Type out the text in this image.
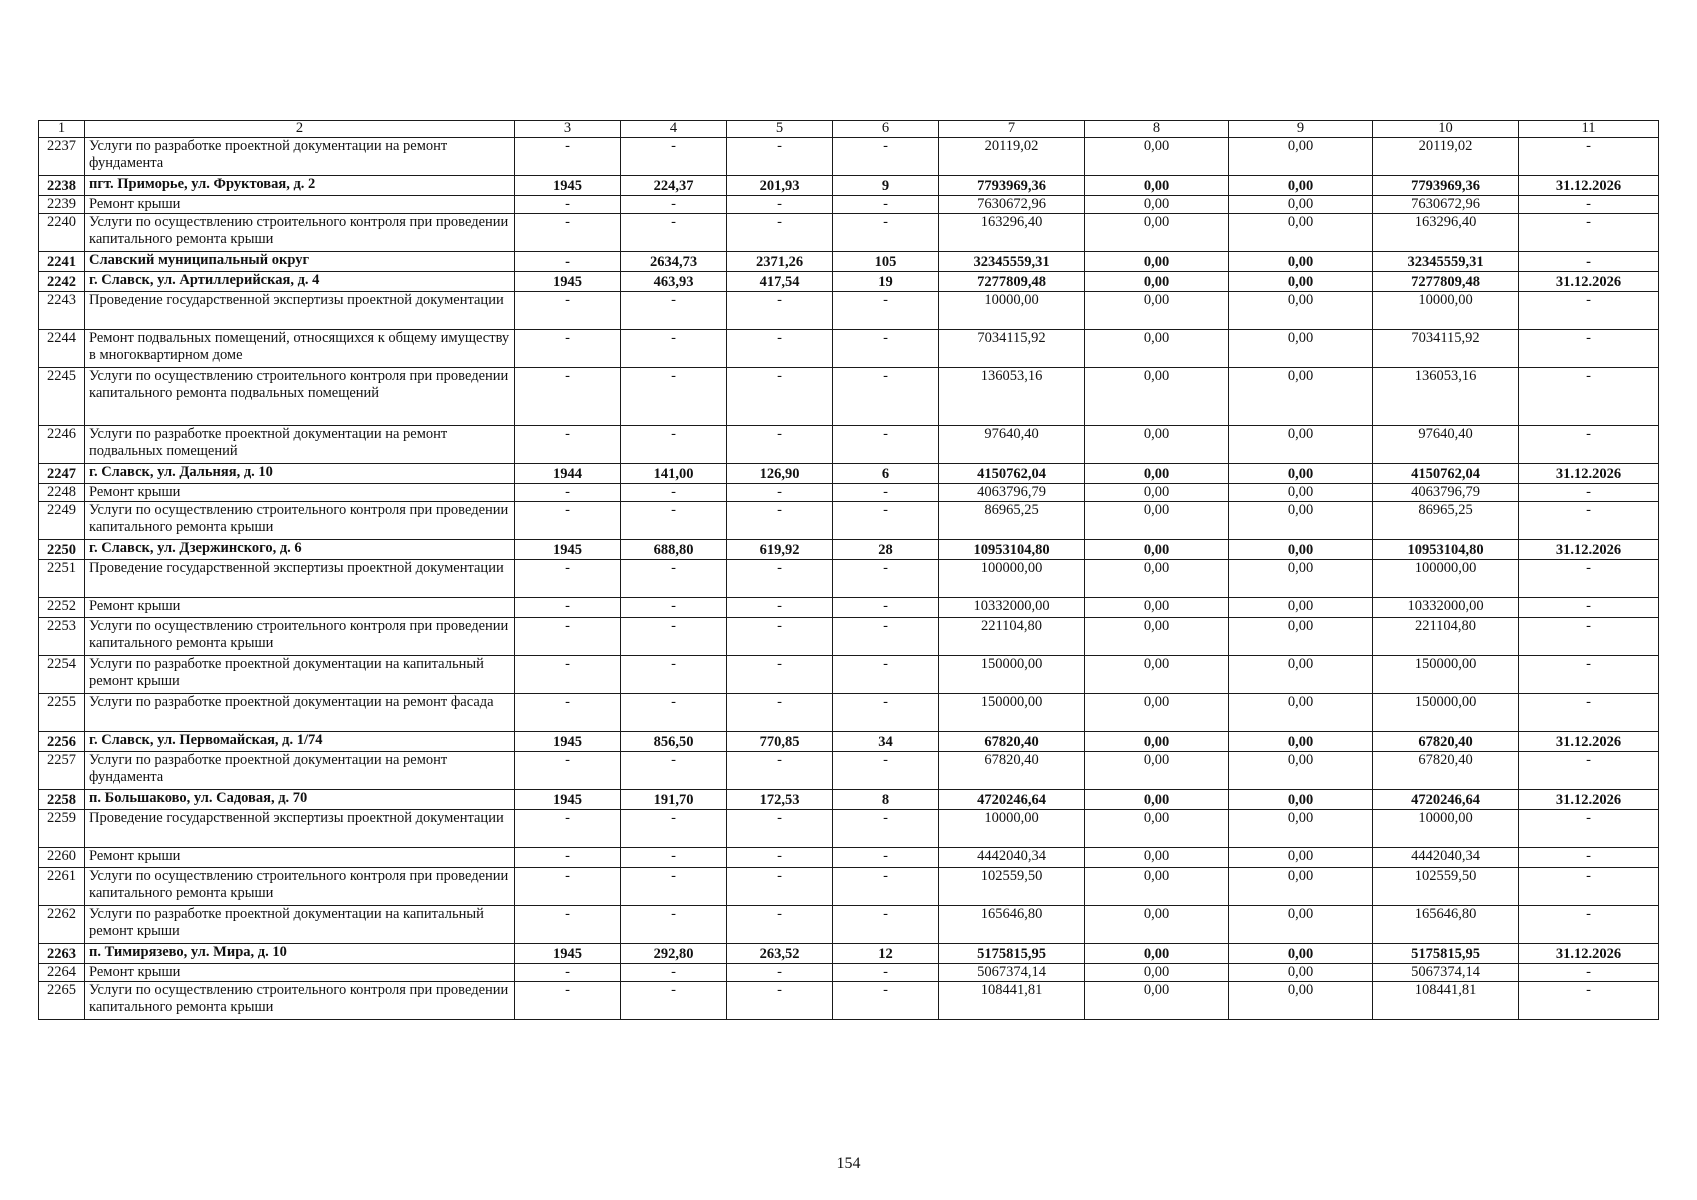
1	2	3	4	5	6	7	8	9	10	11
2237	Услуги по разработке проектной документации на ремонт фундамента	-	-	-	-	20119,02	0,00	0,00	20119,02	-
2238	пгт. Приморье, ул. Фруктовая, д. 2	1945	224,37	201,93	9	7793969,36	0,00	0,00	7793969,36	31.12.2026
2239	Ремонт крыши	-	-	-	-	7630672,96	0,00	0,00	7630672,96	-
2240	Услуги по осуществлению строительного контроля при проведении капитального ремонта крыши	-	-	-	-	163296,40	0,00	0,00	163296,40	-
2241	Славский муниципальный округ	-	2634,73	2371,26	105	32345559,31	0,00	0,00	32345559,31	-
2242	г. Славск, ул. Артиллерийская, д. 4	1945	463,93	417,54	19	7277809,48	0,00	0,00	7277809,48	31.12.2026
2243	Проведение государственной экспертизы проектной документации	-	-	-	-	10000,00	0,00	0,00	10000,00	-
2244	Ремонт подвальных помещений, относящихся к общему имуществу в многоквартирном доме	-	-	-	-	7034115,92	0,00	0,00	7034115,92	-
2245	Услуги по осуществлению строительного контроля при проведении капитального ремонта подвальных помещений	-	-	-	-	136053,16	0,00	0,00	136053,16	-
2246	Услуги по разработке проектной документации на ремонт подвальных помещений	-	-	-	-	97640,40	0,00	0,00	97640,40	-
2247	г. Славск, ул. Дальняя, д. 10	1944	141,00	126,90	6	4150762,04	0,00	0,00	4150762,04	31.12.2026
2248	Ремонт крыши	-	-	-	-	4063796,79	0,00	0,00	4063796,79	-
2249	Услуги по осуществлению строительного контроля при проведении капитального ремонта крыши	-	-	-	-	86965,25	0,00	0,00	86965,25	-
2250	г. Славск, ул. Дзержинского, д. 6	1945	688,80	619,92	28	10953104,80	0,00	0,00	10953104,80	31.12.2026
2251	Проведение государственной экспертизы проектной документации	-	-	-	-	100000,00	0,00	0,00	100000,00	-
2252	Ремонт крыши	-	-	-	-	10332000,00	0,00	0,00	10332000,00	-
2253	Услуги по осуществлению строительного контроля при проведении капитального ремонта крыши	-	-	-	-	221104,80	0,00	0,00	221104,80	-
2254	Услуги по разработке проектной документации на капитальный ремонт крыши	-	-	-	-	150000,00	0,00	0,00	150000,00	-
2255	Услуги по разработке проектной документации на ремонт фасада	-	-	-	-	150000,00	0,00	0,00	150000,00	-
2256	г. Славск, ул. Первомайская, д. 1/74	1945	856,50	770,85	34	67820,40	0,00	0,00	67820,40	31.12.2026
2257	Услуги по разработке проектной документации на ремонт фундамента	-	-	-	-	67820,40	0,00	0,00	67820,40	-
2258	п. Большаково, ул. Садовая, д. 70	1945	191,70	172,53	8	4720246,64	0,00	0,00	4720246,64	31.12.2026
2259	Проведение государственной экспертизы проектной документации	-	-	-	-	10000,00	0,00	0,00	10000,00	-
2260	Ремонт крыши	-	-	-	-	4442040,34	0,00	0,00	4442040,34	-
2261	Услуги по осуществлению строительного контроля при проведении капитального ремонта крыши	-	-	-	-	102559,50	0,00	0,00	102559,50	-
2262	Услуги по разработке проектной документации на капитальный ремонт крыши	-	-	-	-	165646,80	0,00	0,00	165646,80	-
2263	п. Тимирязево, ул. Мира, д. 10	1945	292,80	263,52	12	5175815,95	0,00	0,00	5175815,95	31.12.2026
2264	Ремонт крыши	-	-	-	-	5067374,14	0,00	0,00	5067374,14	-
2265	Услуги по осуществлению строительного контроля при проведении капитального ремонта крыши	-	-	-	-	108441,81	0,00	0,00	108441,81	-
154
